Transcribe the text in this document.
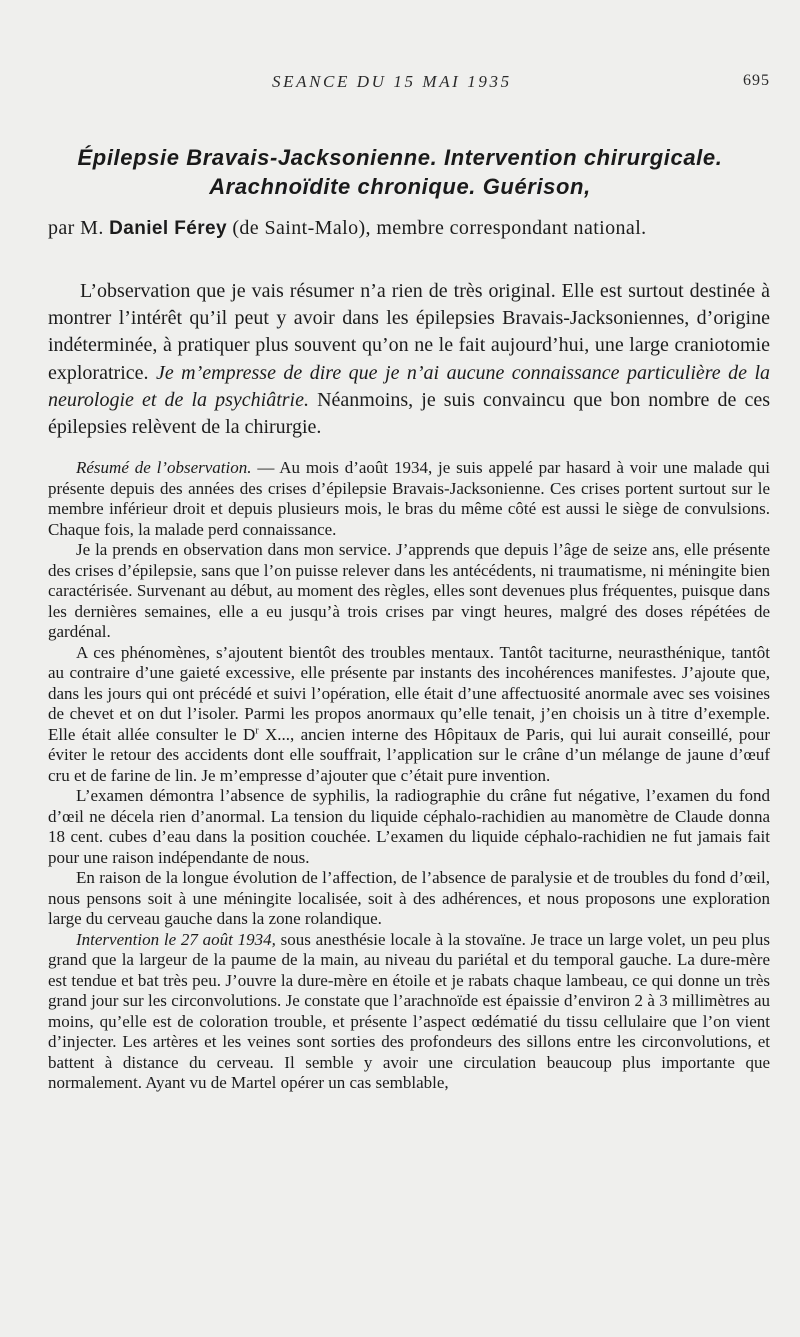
SEANCE DU 15 MAI 1935	695
Épilepsie Bravais-Jacksonienne. Intervention chirurgicale.
Arachnoïdite chronique. Guérison,
par M. Daniel Férey (de Saint-Malo), membre correspondant national.

L’observation que je vais résumer n’a rien de très original. Elle est surtout destinée à montrer l’intérêt qu’il peut y avoir dans les épilepsies Bravais-Jacksoniennes, d’origine indéterminée, à pratiquer plus souvent qu’on ne le fait aujourd’hui, une large craniotomie exploratrice. Je m’empresse de dire que je n’ai aucune connaissance particulière de la neurologie et de la psychiâtrie. Néanmoins, je suis convaincu que bon nombre de ces épilepsies relèvent de la chirurgie.

Résumé de l’observation. — Au mois d’août 1934, je suis appelé par hasard à voir une malade qui présente depuis des années des crises d’épilepsie Bravais-Jacksonienne. Ces crises portent surtout sur le membre inférieur droit et depuis plusieurs mois, le bras du même côté est aussi le siège de convulsions. Chaque fois, la malade perd connaissance.

Je la prends en observation dans mon service. J’apprends que depuis l’âge de seize ans, elle présente des crises d’épilepsie, sans que l’on puisse relever dans les antécédents, ni traumatisme, ni méningite bien caractérisée. Survenant au début, au moment des règles, elles sont devenues plus fréquentes, puisque dans les dernières semaines, elle a eu jusqu’à trois crises par vingt heures, malgré des doses répétées de gardénal.

A ces phénomènes, s’ajoutent bientôt des troubles mentaux. Tantôt taciturne, neurasthénique, tantôt au contraire d’une gaieté excessive, elle présente par instants des incohérences manifestes. J’ajoute que, dans les jours qui ont précédé et suivi l’opération, elle était d’une affectuosité anormale avec ses voisines de chevet et on dut l’isoler. Parmi les propos anormaux qu’elle tenait, j’en choisis un à titre d’exemple. Elle était allée consulter le $D^r$ X..., ancien interne des Hôpitaux de Paris, qui lui aurait conseillé, pour éviter le retour des accidents dont elle souffrait, l’application sur le crâne d’un mélange de jaune d’œuf cru et de farine de lin. Je m’empresse d’ajouter que c’était pure invention.

L’examen démontra l’absence de syphilis, la radiographie du crâne fut négative, l’examen du fond d’œil ne décela rien d’anormal. La tension du liquide céphalo-rachidien au manomètre de Claude donna 18 cent. cubes d’eau dans la position couchée. L’examen du liquide céphalo-rachidien ne fut jamais fait pour une raison indépendante de nous.

En raison de la longue évolution de l’affection, de l’absence de paralysie et de troubles du fond d’œil, nous pensons soit à une méningite localisée, soit à des adhérences, et nous proposons une exploration large du cerveau gauche dans la zone rolandique.

Intervention le 27 août 1934, sous anesthésie locale à la stovaïne. Je trace un large volet, un peu plus grand que la largeur de la paume de la main, au niveau du pariétal et du temporal gauche. La dure-mère est tendue et bat très peu. J’ouvre la dure-mère en étoile et je rabats chaque lambeau, ce qui donne un très grand jour sur les circonvolutions. Je constate que l’arachnoïde est épaissie d’environ 2 à 3 millimètres au moins, qu’elle est de coloration trouble, et présente l’aspect œdématié du tissu cellulaire que l’on vient d’injecter. Les artères et les veines sont sorties des profondeurs des sillons entre les circonvolutions, et battent à distance du cerveau. Il semble y avoir une circulation beaucoup plus importante que normalement. Ayant vu de Martel opérer un cas semblable,
